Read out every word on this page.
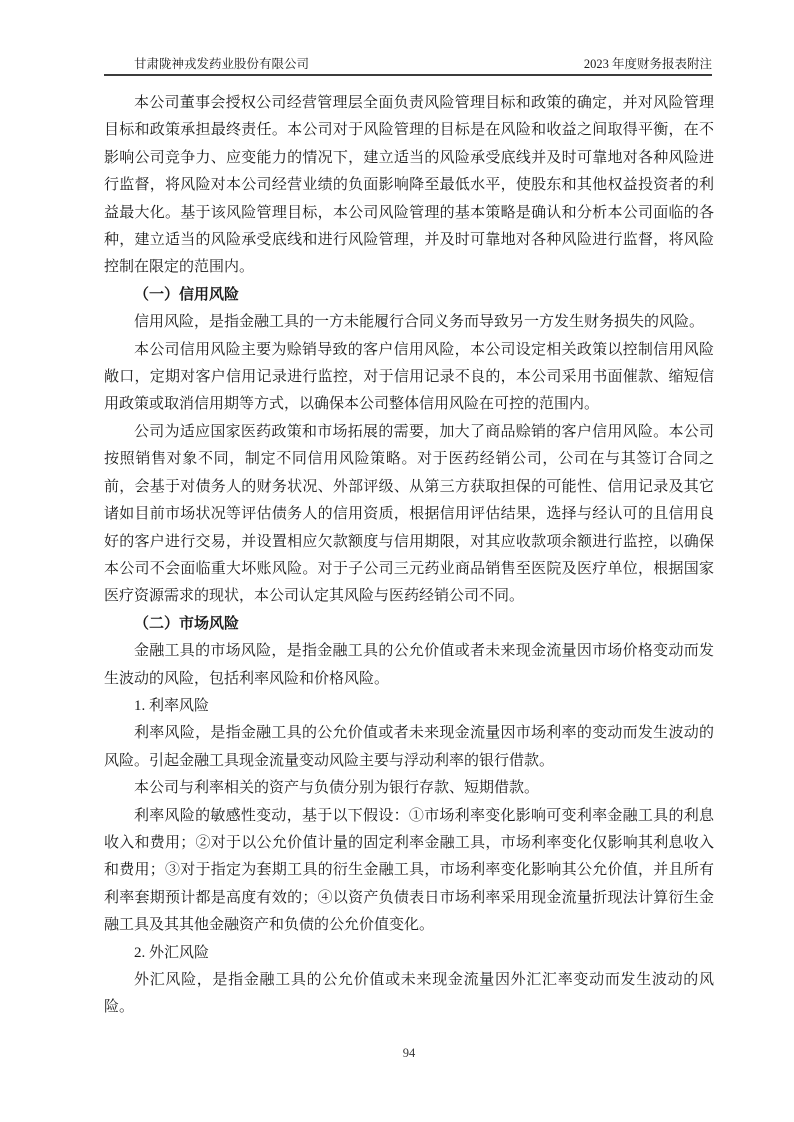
甘肃陇神戎发药业股份有限公司	2023 年度财务报表附注

本公司董事会授权公司经营管理层全面负责风险管理目标和政策的确定，并对风险管理目标和政策承担最终责任。本公司对于风险管理的目标是在风险和收益之间取得平衡，在不影响公司竞争力、应变能力的情况下，建立适当的风险承受底线并及时可靠地对各种风险进行监督，将风险对本公司经营业绩的负面影响降至最低水平，使股东和其他权益投资者的利益最大化。基于该风险管理目标，本公司风险管理的基本策略是确认和分析本公司面临的各种，建立适当的风险承受底线和进行风险管理，并及时可靠地对各种风险进行监督，将风险控制在限定的范围内。

（一）信用风险

信用风险，是指金融工具的一方未能履行合同义务而导致另一方发生财务损失的风险。

本公司信用风险主要为赊销导致的客户信用风险，本公司设定相关政策以控制信用风险敞口，定期对客户信用记录进行监控，对于信用记录不良的，本公司采用书面催款、缩短信用政策或取消信用期等方式，以确保本公司整体信用风险在可控的范围内。

公司为适应国家医药政策和市场拓展的需要，加大了商品赊销的客户信用风险。本公司按照销售对象不同，制定不同信用风险策略。对于医药经销公司，公司在与其签订合同之前，会基于对债务人的财务状况、外部评级、从第三方获取担保的可能性、信用记录及其它诸如目前市场状况等评估债务人的信用资质，根据信用评估结果，选择与经认可的且信用良好的客户进行交易，并设置相应欠款额度与信用期限，对其应收款项余额进行监控，以确保本公司不会面临重大坏账风险。对于子公司三元药业商品销售至医院及医疗单位，根据国家医疗资源需求的现状，本公司认定其风险与医药经销公司不同。

（二）市场风险

金融工具的市场风险，是指金融工具的公允价值或者未来现金流量因市场价格变动而发生波动的风险，包括利率风险和价格风险。

1. 利率风险

利率风险，是指金融工具的公允价值或者未来现金流量因市场利率的变动而发生波动的风险。引起金融工具现金流量变动风险主要与浮动利率的银行借款。

本公司与利率相关的资产与负债分别为银行存款、短期借款。

利率风险的敏感性变动，基于以下假设：①市场利率变化影响可变利率金融工具的利息收入和费用；②对于以公允价值计量的固定利率金融工具，市场利率变化仅影响其利息收入和费用；③对于指定为套期工具的衍生金融工具，市场利率变化影响其公允价值，并且所有利率套期预计都是高度有效的；④以资产负债表日市场利率采用现金流量折现法计算衍生金融工具及其其他金融资产和负债的公允价值变化。

2. 外汇风险

外汇风险，是指金融工具的公允价值或未来现金流量因外汇汇率变动而发生波动的风险。

94
